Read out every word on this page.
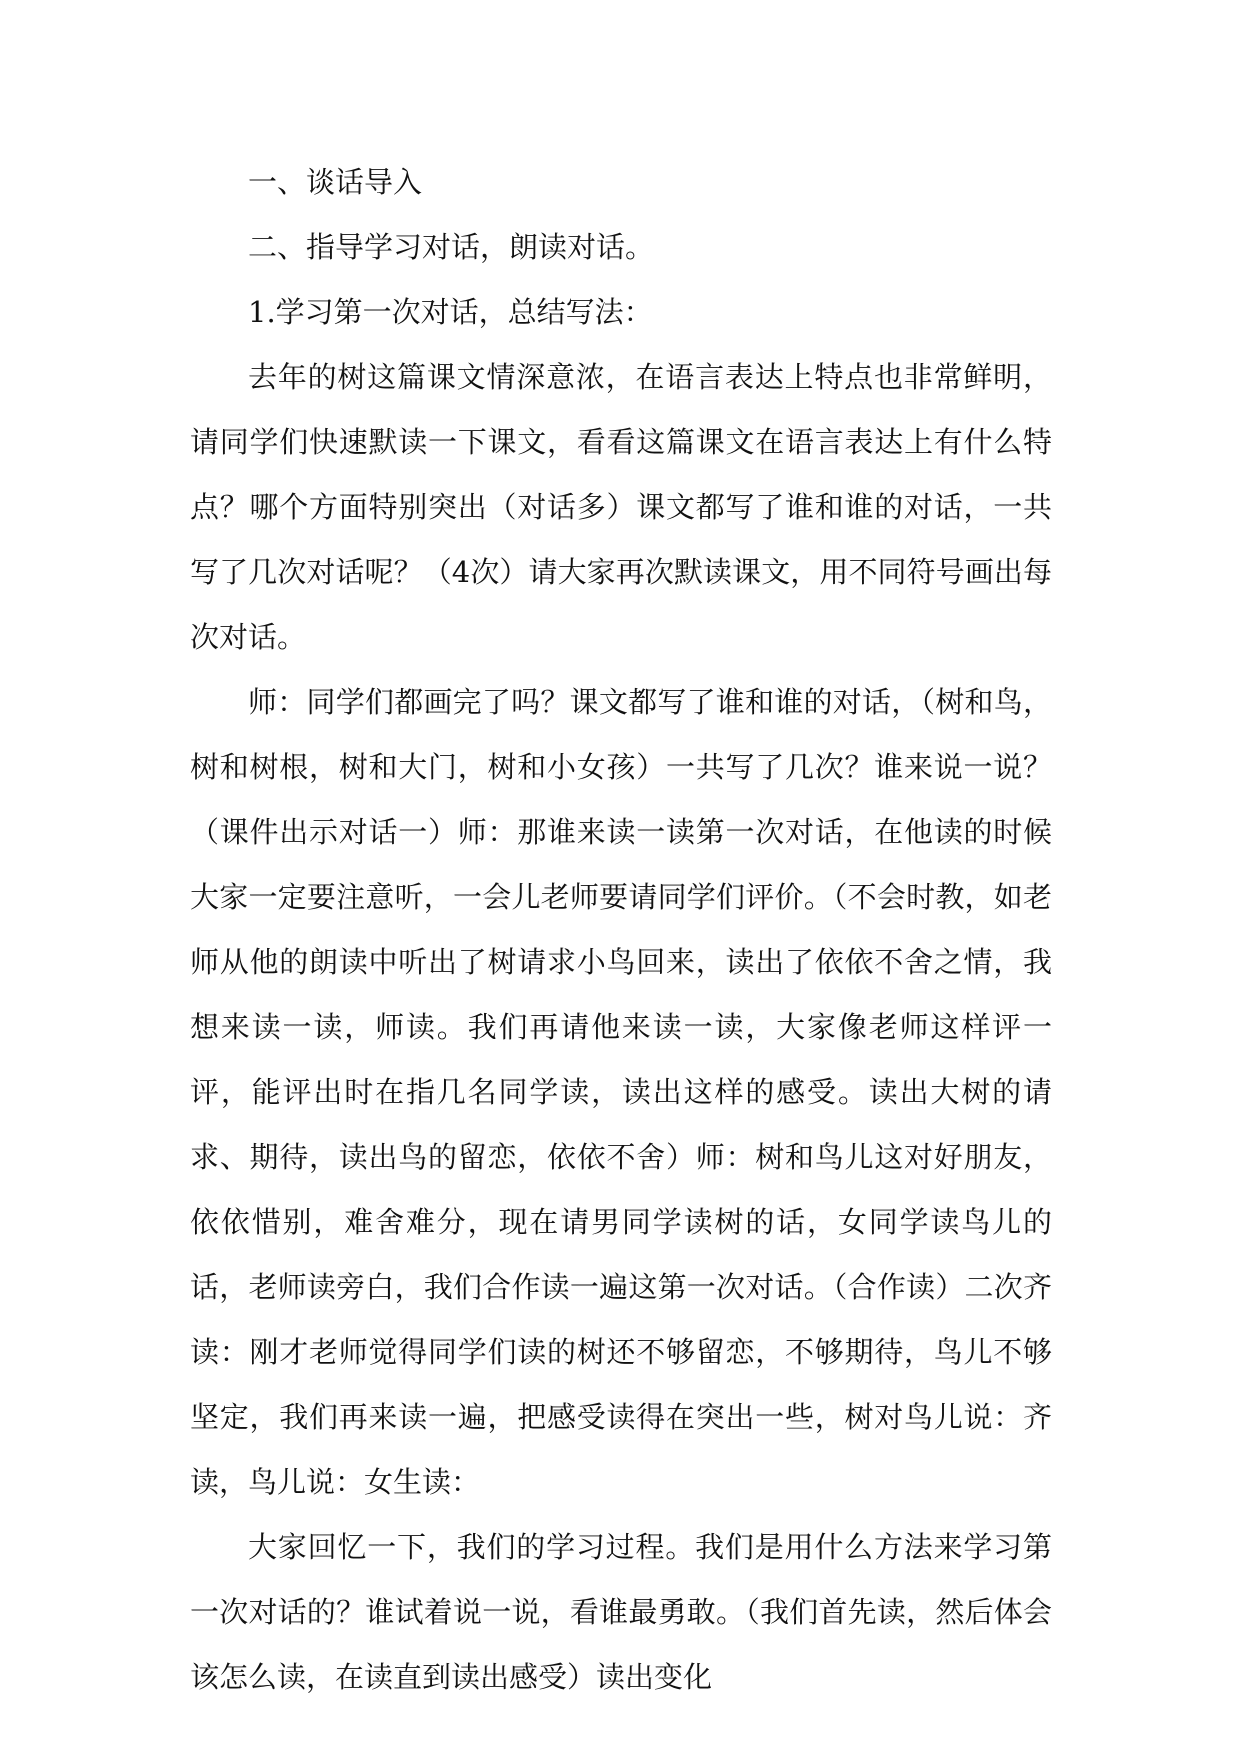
一、谈话导入

二、指导学习对话，朗读对话。

1.学习第一次对话，总结写法：

去年的树这篇课文情深意浓，在语言表达上特点也非常鲜明，请同学们快速默读一下课文，看看这篇课文在语言表达上有什么特点？哪个方面特别突出（对话多）课文都写了谁和谁的对话，一共写了几次对话呢？（4次）请大家再次默读课文，用不同符号画出每次对话。

师：同学们都画完了吗？课文都写了谁和谁的对话，（树和鸟，树和树根，树和大门，树和小女孩）一共写了几次？谁来说一说？（课件出示对话一）师：那谁来读一读第一次对话，在他读的时候大家一定要注意听，一会儿老师要请同学们评价。（不会时教，如老师从他的朗读中听出了树请求小鸟回来，读出了依依不舍之情，我想来读一读，师读。我们再请他来读一读，大家像老师这样评一评，能评出时在指几名同学读，读出这样的感受。读出大树的请求、期待，读出鸟的留恋，依依不舍）师：树和鸟儿这对好朋友，依依惜别，难舍难分，现在请男同学读树的话，女同学读鸟儿的话，老师读旁白，我们合作读一遍这第一次对话。（合作读）二次齐读：刚才老师觉得同学们读的树还不够留恋，不够期待，鸟儿不够坚定，我们再来读一遍，把感受读得在突出一些，树对鸟儿说：齐读，鸟儿说：女生读：

大家回忆一下，我们的学习过程。我们是用什么方法来学习第一次对话的？谁试着说一说，看谁最勇敢。（我们首先读，然后体会该怎么读，在读直到读出感受）读出变化
